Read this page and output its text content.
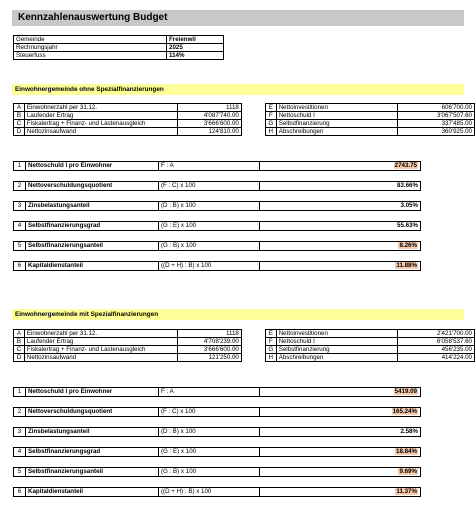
Kennzahlenauswertung Budget
Gemeinde	Freienwil
Rechnungsjahr	2025
Steuerfuss	114%
Einwohnergemeinde ohne Spezialfinanzierungen
A	Einwohnerzahl per 31.12.	1118		E	Nettoinvestitionen	606'700.00
B	Laufender Ertrag	4'087'740.00		F	Nettoschuld I	3'067'507.60
C	Fiskalertrag + Finanz- und Lastenausgleich	3'666'600.00		G	Selbstfinanzierung	337'485.00
D	Nettozinsaufwand	124'810.00		H	Abschreibungen	360'925.00
1	Nettoschuld I pro Einwohner	F : A	2743.75
2	Nettoverschuldungsquotient	(F : C) x 100	83.66%
3	Zinsbelastungsanteil	(D : B) x 100	3.05%
4	Selbstfinanzierungsgrad	(G : E) x 100	55.63%
5	Selbstfinanzierungsanteil	(G : B) x 100	8.26%
6	Kapitaldienstanteil	((D + H) : B) x 100	11.88%
Einwohnergemeinde mit Spezialfinanzierungen
A	Einwohnerzahl per 31.12.	1118		E	Nettoinvestitionen	2'421'700.00
B	Laufender Ertrag	4'708'239.00		F	Nettoschuld I	6'058'537.60
C	Fiskalertrag + Finanz- und Lastenausgleich	3'666'600.00		G	Selbstfinanzierung	456'235.00
D	Nettozinsaufwand	121'250.00		H	Abschreibungen	414'224.00
1	Nettoschuld I pro Einwohner	F : A	5419.09
2	Nettoverschuldungsquotient	(F : C) x 100	165.24%
3	Zinsbelastungsanteil	(D : B) x 100	2.58%
4	Selbstfinanzierungsgrad	(G : E) x 100	18.84%
5	Selbstfinanzierungsanteil	(G : B) x 100	9.69%
6	Kapitaldienstanteil	((D + H) : B) x 100	11.37%
